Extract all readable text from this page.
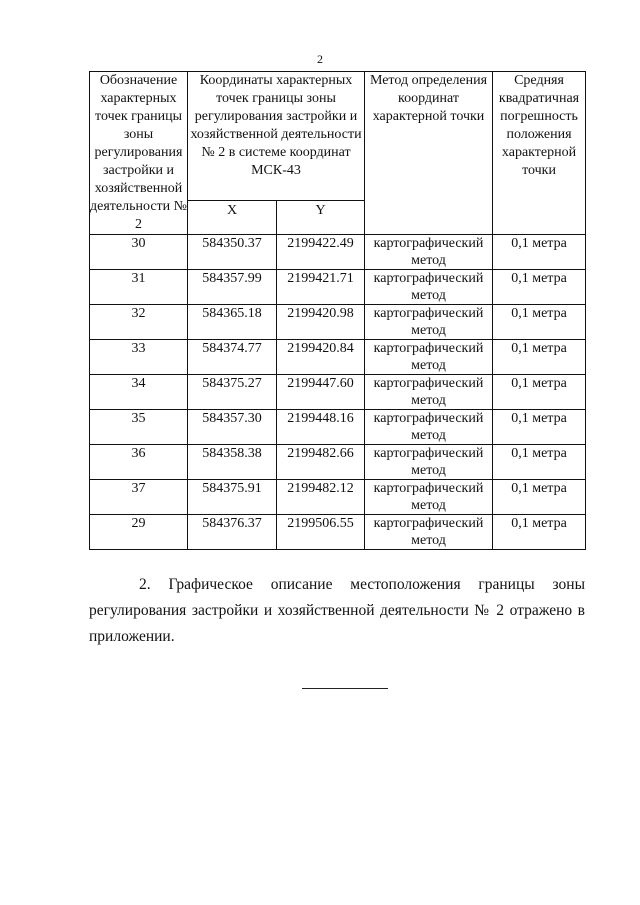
2
Обозначение характерных точек границы зоны регулирования застройки и хозяйственной деятельности № 2	Координаты характерных точек границы зоны регулирования застройки и хозяйственной деятельности № 2 в системе координат МСК-43		Метод определения координат характерной точки	Средняя квадратичная погрешность положения характерной точки
	X	Y		
30	584350.37	2199422.49	картографический метод	0,1 метра
31	584357.99	2199421.71	картографический метод	0,1 метра
32	584365.18	2199420.98	картографический метод	0,1 метра
33	584374.77	2199420.84	картографический метод	0,1 метра
34	584375.27	2199447.60	картографический метод	0,1 метра
35	584357.30	2199448.16	картографический метод	0,1 метра
36	584358.38	2199482.66	картографический метод	0,1 метра
37	584375.91	2199482.12	картографический метод	0,1 метра
29	584376.37	2199506.55	картографический метод	0,1 метра

2. Графическое описание местоположения границы зоны регулирования застройки и хозяйственной деятельности № 2 отражено в приложении.
